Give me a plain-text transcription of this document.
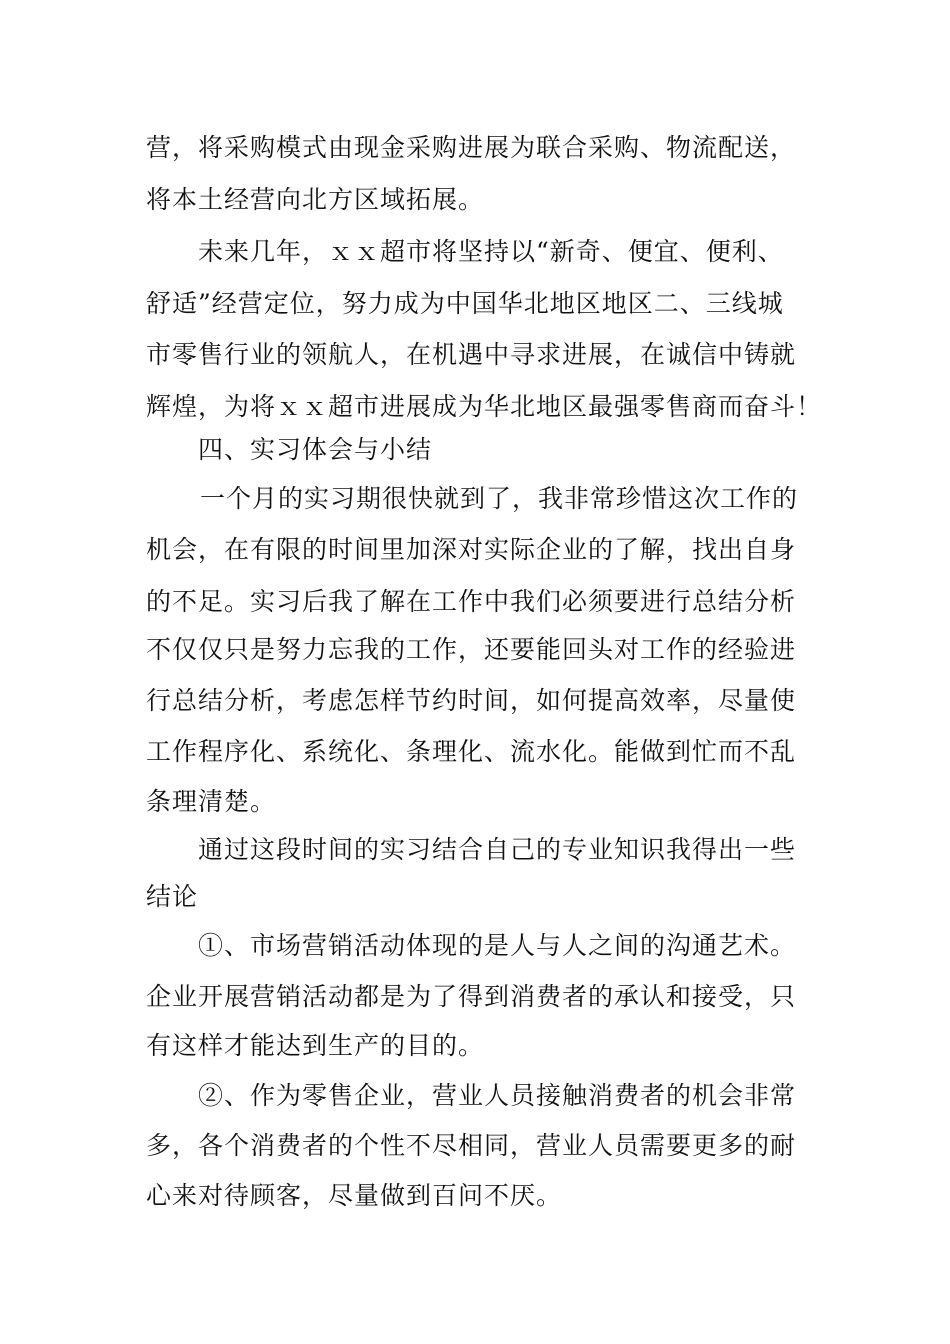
营，将采购模式由现金采购进展为联合采购、物流配送，
将本土经营向北方区域拓展。
未来几年，ｘｘ超市将坚持以“新奇、便宜、便利、
舒适”经营定位，努力成为中国华北地区地区二、三线城
市零售行业的领航人，在机遇中寻求进展，在诚信中铸就
辉煌，为将ｘｘ超市进展成为华北地区最强零售商而奋斗！
四、实习体会与小结
一个月的实习期很快就到了，我非常珍惜这次工作的
机会，在有限的时间里加深对实际企业的了解，找出自身
的不足。实习后我了解在工作中我们必须要进行总结分析
不仅仅只是努力忘我的工作，还要能回头对工作的经验进
行总结分析，考虑怎样节约时间，如何提高效率，尽量使
工作程序化、系统化、条理化、流水化。能做到忙而不乱
条理清楚。
通过这段时间的实习结合自己的专业知识我得出一些
结论
①、市场营销活动体现的是人与人之间的沟通艺术。
企业开展营销活动都是为了得到消费者的承认和接受，只
有这样才能达到生产的目的。
②、作为零售企业，营业人员接触消费者的机会非常
多，各个消费者的个性不尽相同，营业人员需要更多的耐
心来对待顾客，尽量做到百问不厌。
